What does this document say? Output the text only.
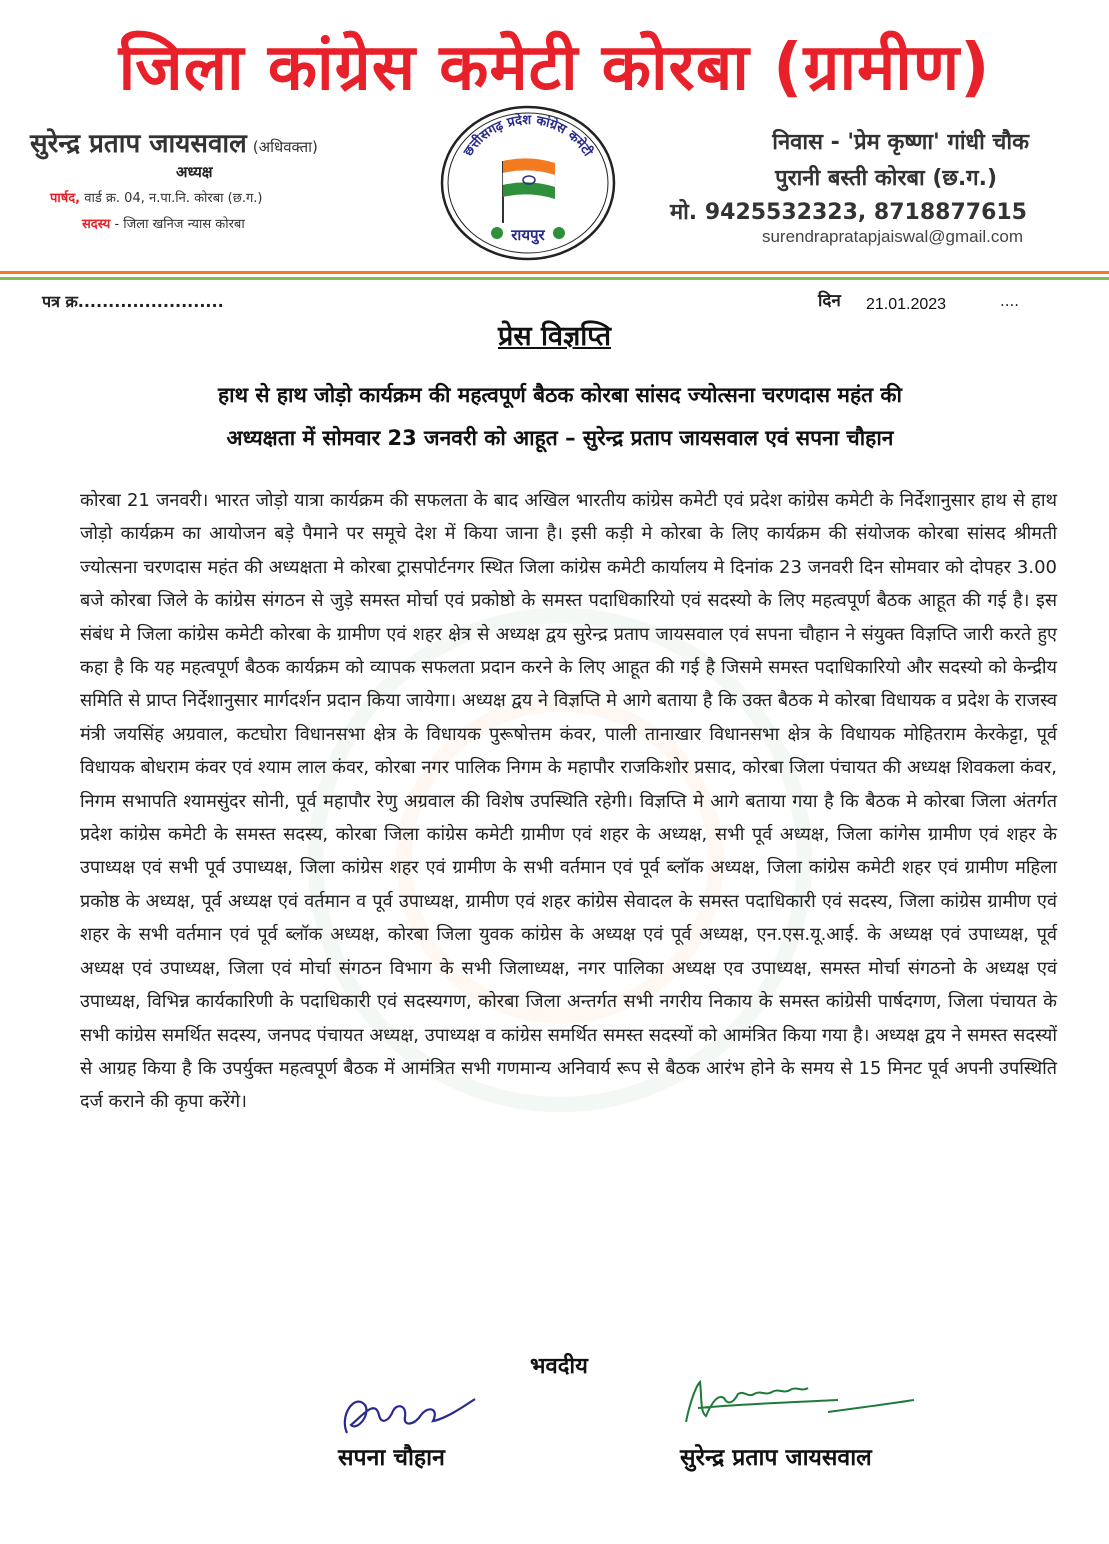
जिला कांग्रेस कमेटी कोरबा (ग्रामीण)
सुरेन्द्र प्रताप जायसवाल (अधिवक्ता)
अध्यक्ष
पार्षद, वार्ड क्र. 04, न.पा.नि. कोरबा (छ.ग.)
सदस्य - जिला खनिज न्यास कोरबा
छत्तीसगढ़ प्रदेश कांग्रेस कमेटी
रायपुर
निवास - 'प्रेम कृष्णा' गांधी चौक
पुरानी बस्ती कोरबा (छ.ग.)
मो. 9425532323, 8718877615
surendrapratapjaiswal@gmail.com
पत्र क्र........................	दिन 21.01.2023	....
प्रेस विज्ञप्ति
हाथ से हाथ जोड़ो कार्यक्रम की महत्वपूर्ण बैठक कोरबा सांसद ज्योत्सना चरणदास महंत की
अध्यक्षता में सोमवार 23 जनवरी को आहूत – सुरेन्द्र प्रताप जायसवाल एवं सपना चौहान
कोरबा 21 जनवरी। भारत जोड़ो यात्रा कार्यक्रम की सफलता के बाद अखिल भारतीय कांग्रेस कमेटी एवं प्रदेश कांग्रेस कमेटी के निर्देशानुसार हाथ से हाथ जोड़ो कार्यक्रम का आयोजन बड़े पैमाने पर समूचे देश में किया जाना है। इसी कड़ी मे कोरबा के लिए कार्यक्रम की संयोजक कोरबा सांसद श्रीमती ज्योत्सना चरणदास महंत की अध्यक्षता मे कोरबा ट्रासपोर्टनगर स्थित जिला कांग्रेस कमेटी कार्यालय मे दिनांक 23 जनवरी दिन सोमवार को दोपहर 3.00 बजे कोरबा जिले के कांग्रेस संगठन से जुड़े समस्त मोर्चा एवं प्रकोष्ठो के समस्त पदाधिकारियो एवं सदस्यो के लिए महत्वपूर्ण बैठक आहूत की गई है। इस संबंध मे जिला कांग्रेस कमेटी कोरबा के ग्रामीण एवं शहर क्षेत्र से अध्यक्ष द्वय सुरेन्द्र प्रताप जायसवाल एवं सपना चौहान ने संयुक्त विज्ञप्ति जारी करते हुए कहा है कि यह महत्वपूर्ण बैठक कार्यक्रम को व्यापक सफलता प्रदान करने के लिए आहूत की गई है जिसमे समस्त पदाधिकारियो और सदस्यो को केन्द्रीय समिति से प्राप्त निर्देशानुसार मार्गदर्शन प्रदान किया जायेगा। अध्यक्ष द्वय ने विज्ञप्ति मे आगे बताया है कि उक्त बैठक मे कोरबा विधायक व प्रदेश के राजस्व मंत्री जयसिंह अग्रवाल, कटघोरा विधानसभा क्षेत्र के विधायक पुरूषोत्तम कंवर, पाली तानाखार विधानसभा क्षेत्र के विधायक मोहितराम केरकेट्टा, पूर्व विधायक बोधराम कंवर एवं श्याम लाल कंवर, कोरबा नगर पालिक निगम के महापौर राजकिशोर प्रसाद, कोरबा जिला पंचायत की अध्यक्ष शिवकला कंवर, निगम सभापति श्यामसुंदर सोनी, पूर्व महापौर रेणु अग्रवाल की विशेष उपस्थिति रहेगी। विज्ञप्ति मे आगे बताया गया है कि बैठक मे कोरबा जिला अंतर्गत प्रदेश कांग्रेस कमेटी के समस्त सदस्य, कोरबा जिला कांग्रेस कमेटी ग्रामीण एवं शहर के अध्यक्ष, सभी पूर्व अध्यक्ष, जिला कांगेस ग्रामीण एवं शहर के उपाध्यक्ष एवं सभी पूर्व उपाध्यक्ष, जिला कांग्रेस शहर एवं ग्रामीण के सभी वर्तमान एवं पूर्व ब्लॉक अध्यक्ष, जिला कांग्रेस कमेटी शहर एवं ग्रामीण महिला प्रकोष्ठ के अध्यक्ष, पूर्व अध्यक्ष एवं वर्तमान व पूर्व उपाध्यक्ष, ग्रामीण एवं शहर कांग्रेस सेवादल के समस्त पदाधिकारी एवं सदस्य, जिला कांग्रेस ग्रामीण एवं शहर के सभी वर्तमान एवं पूर्व ब्लॉक अध्यक्ष, कोरबा जिला युवक कांग्रेस के अध्यक्ष एवं पूर्व अध्यक्ष, एन.एस.यू.आई. के अध्यक्ष एवं उपाध्यक्ष, पूर्व अध्यक्ष एवं उपाध्यक्ष, जिला एवं मोर्चा संगठन विभाग के सभी जिलाध्यक्ष, नगर पालिका अध्यक्ष एव उपाध्यक्ष, समस्त मोर्चा संगठनो के अध्यक्ष एवं उपाध्यक्ष, विभिन्न कार्यकारिणी के पदाधिकारी एवं सदस्यगण, कोरबा जिला अन्तर्गत सभी नगरीय निकाय के समस्त कांग्रेसी पार्षदगण, जिला पंचायत के सभी कांग्रेस समर्थित सदस्य, जनपद पंचायत अध्यक्ष, उपाध्यक्ष व कांग्रेस समर्थित समस्त सदस्यों को आमंत्रित किया गया है। अध्यक्ष द्वय ने समस्त सदस्यों से आग्रह किया है कि उपर्युक्त महत्वपूर्ण बैठक में आमंत्रित सभी गणमान्य अनिवार्य रूप से बैठक आरंभ होने के समय से 15 मिनट पूर्व अपनी उपस्थिति दर्ज कराने की कृपा करेंगे।
भवदीय
सपना चौहान	सुरेन्द्र प्रताप जायसवाल
